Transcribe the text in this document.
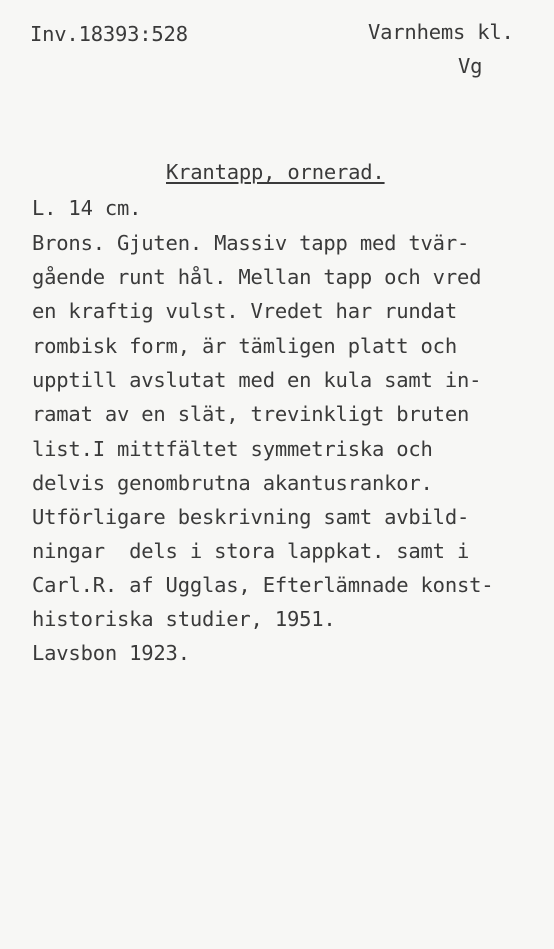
Inv.18393:528	Varnhems kl.
Vg
Krantapp, ornerad.
L. 14 cm.
Brons. Gjuten. Massiv tapp med tvär-
gående runt hål. Mellan tapp och vred
en kraftig vulst. Vredet har rundat
rombisk form, är tämligen platt och
upptill avslutat med en kula samt in-
ramat av en slät, trevinkligt bruten
list.I mittfältet symmetriska och
delvis genombrutna akantusrankor.
Utförligare beskrivning samt avbild-
ningar  dels i stora lappkat. samt i
Carl.R. af Ugglas, Efterlämnade konst-
historiska studier, 1951.
Lavsbon 1923.
